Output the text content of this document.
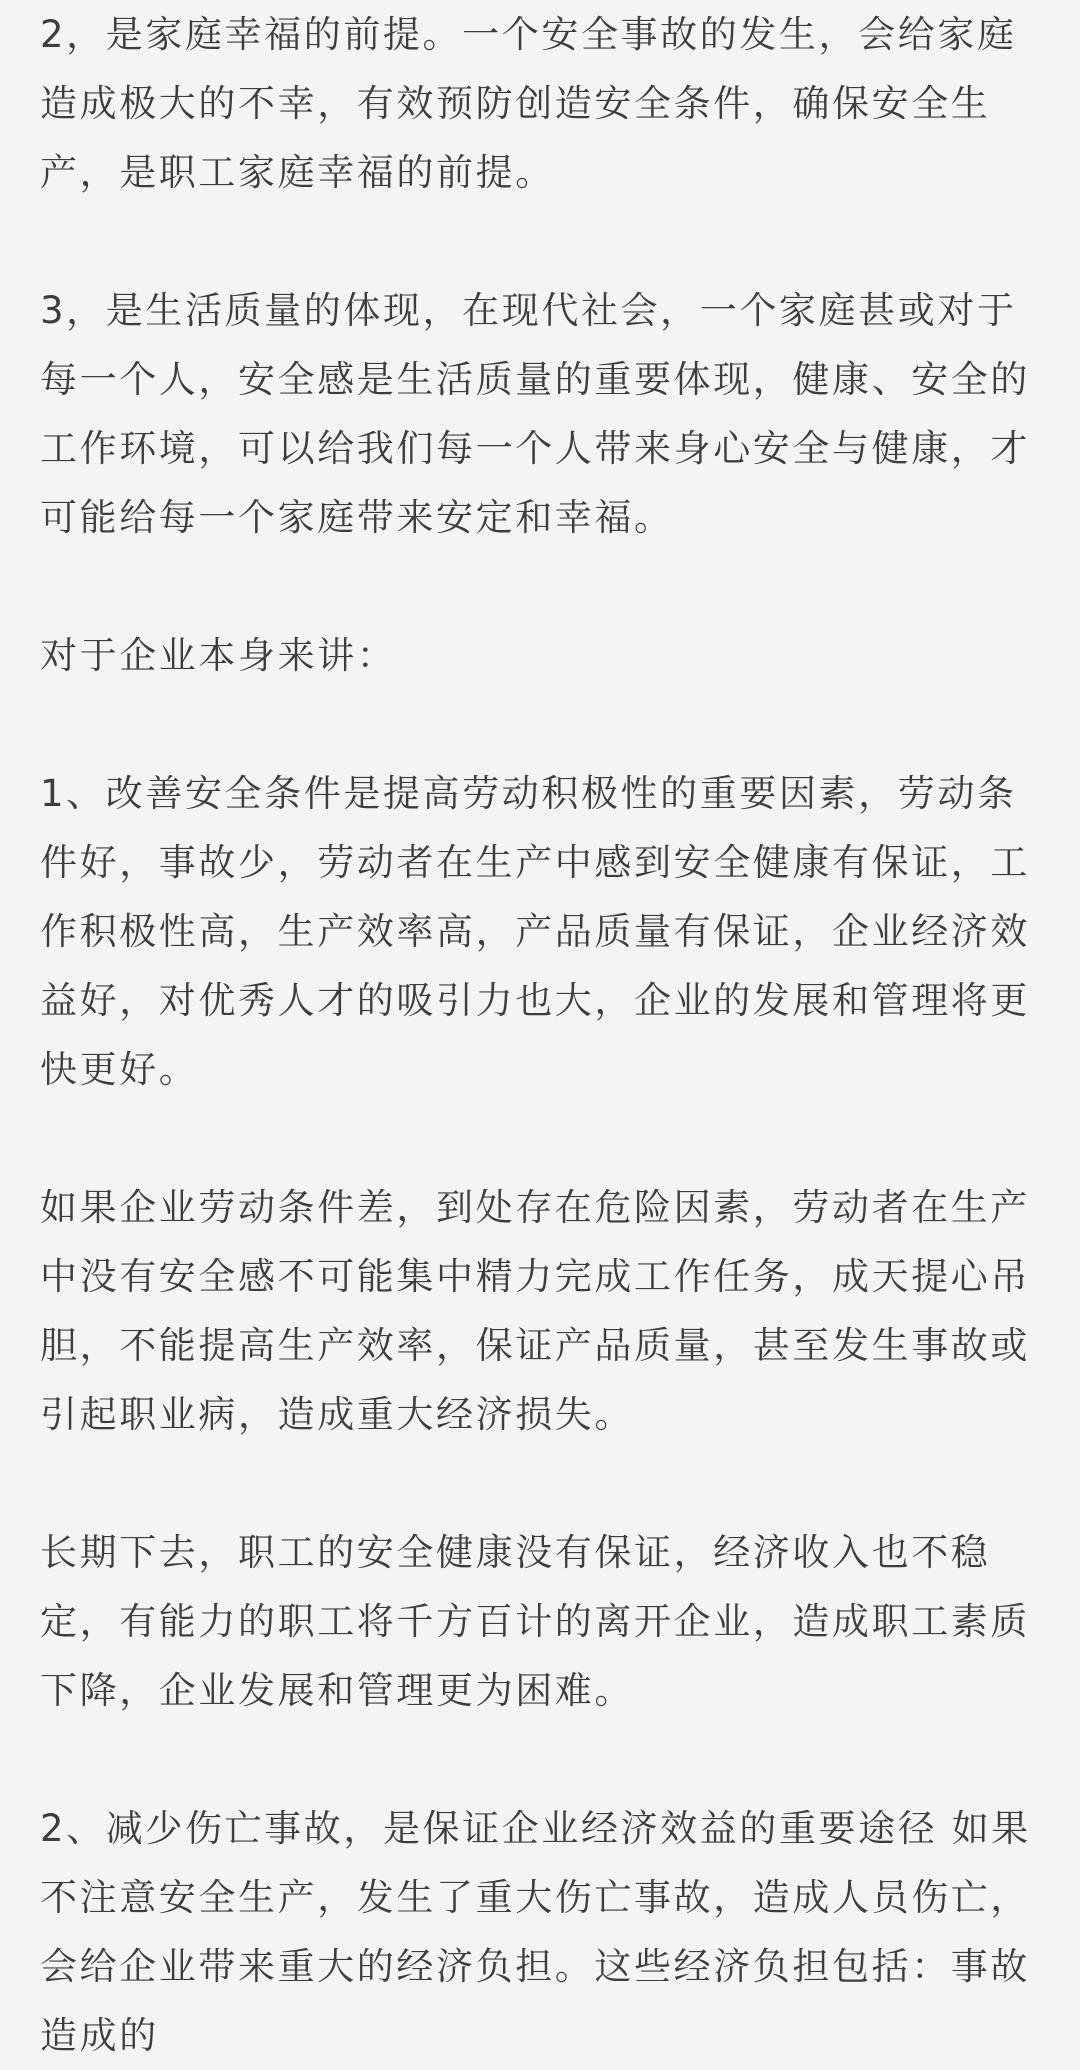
2，是家庭幸福的前提。一个安全事故的发生，会给家庭造成极大的不幸，有效预防创造安全条件，确保安全生产，是职工家庭幸福的前提。

3，是生活质量的体现，在现代社会，一个家庭甚或对于每一个人，安全感是生活质量的重要体现，健康、安全的工作环境，可以给我们每一个人带来身心安全与健康，才可能给每一个家庭带来安定和幸福。

对于企业本身来讲：

1、改善安全条件是提高劳动积极性的重要因素，劳动条件好，事故少，劳动者在生产中感到安全健康有保证，工作积极性高，生产效率高，产品质量有保证，企业经济效益好，对优秀人才的吸引力也大，企业的发展和管理将更快更好。

如果企业劳动条件差，到处存在危险因素，劳动者在生产中没有安全感不可能集中精力完成工作任务，成天提心吊胆，不能提高生产效率，保证产品质量，甚至发生事故或引起职业病，造成重大经济损失。

长期下去，职工的安全健康没有保证，经济收入也不稳定，有能力的职工将千方百计的离开企业，造成职工素质下降，企业发展和管理更为困难。

2、减少伤亡事故，是保证企业经济效益的重要途径 如果不注意安全生产，发生了重大伤亡事故，造成人员伤亡，会给企业带来重大的经济负担。这些经济负担包括：事故造成的
